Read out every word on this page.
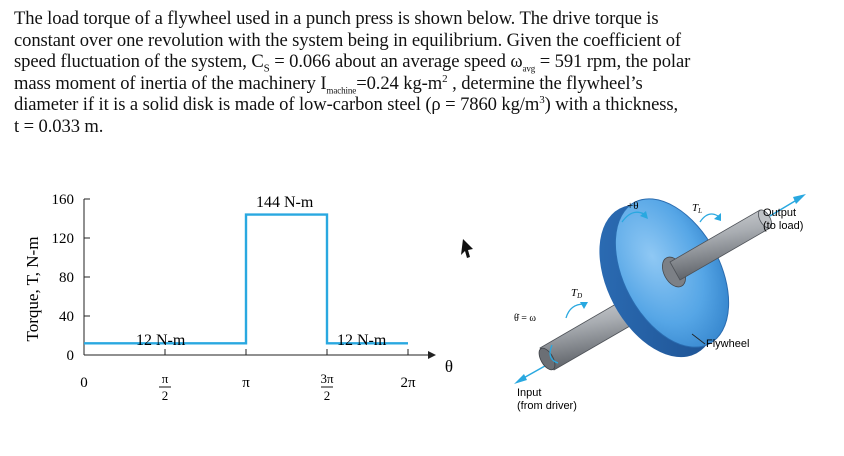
The load torque of a flywheel used in a punch press is shown below. The drive torque is
constant over one revolution with the system being in equilibrium. Given the coefficient of
speed fluctuation of the system, $C_S = 0.066$ about an average speed $\omega_{avg} = 591$ rpm, the polar
mass moment of inertia of the machinery $I_{machine}=0.24$ $kg-m^2$ , determine the flywheel’s
diameter if it is a solid disk is made of low-carbon steel (ρ = 7860 $kg/m^3$) with a thickness,
t = 0.033 m.
Torque, T, N-m
θ
0
40
80
120
160
0	π
2
π	3π
2
2π
12 N-m
144 N-m
12 N-m
+θ	TL
TD
θ̇ = ω
Output
(to load)
Input
(from driver)
Flywheel
